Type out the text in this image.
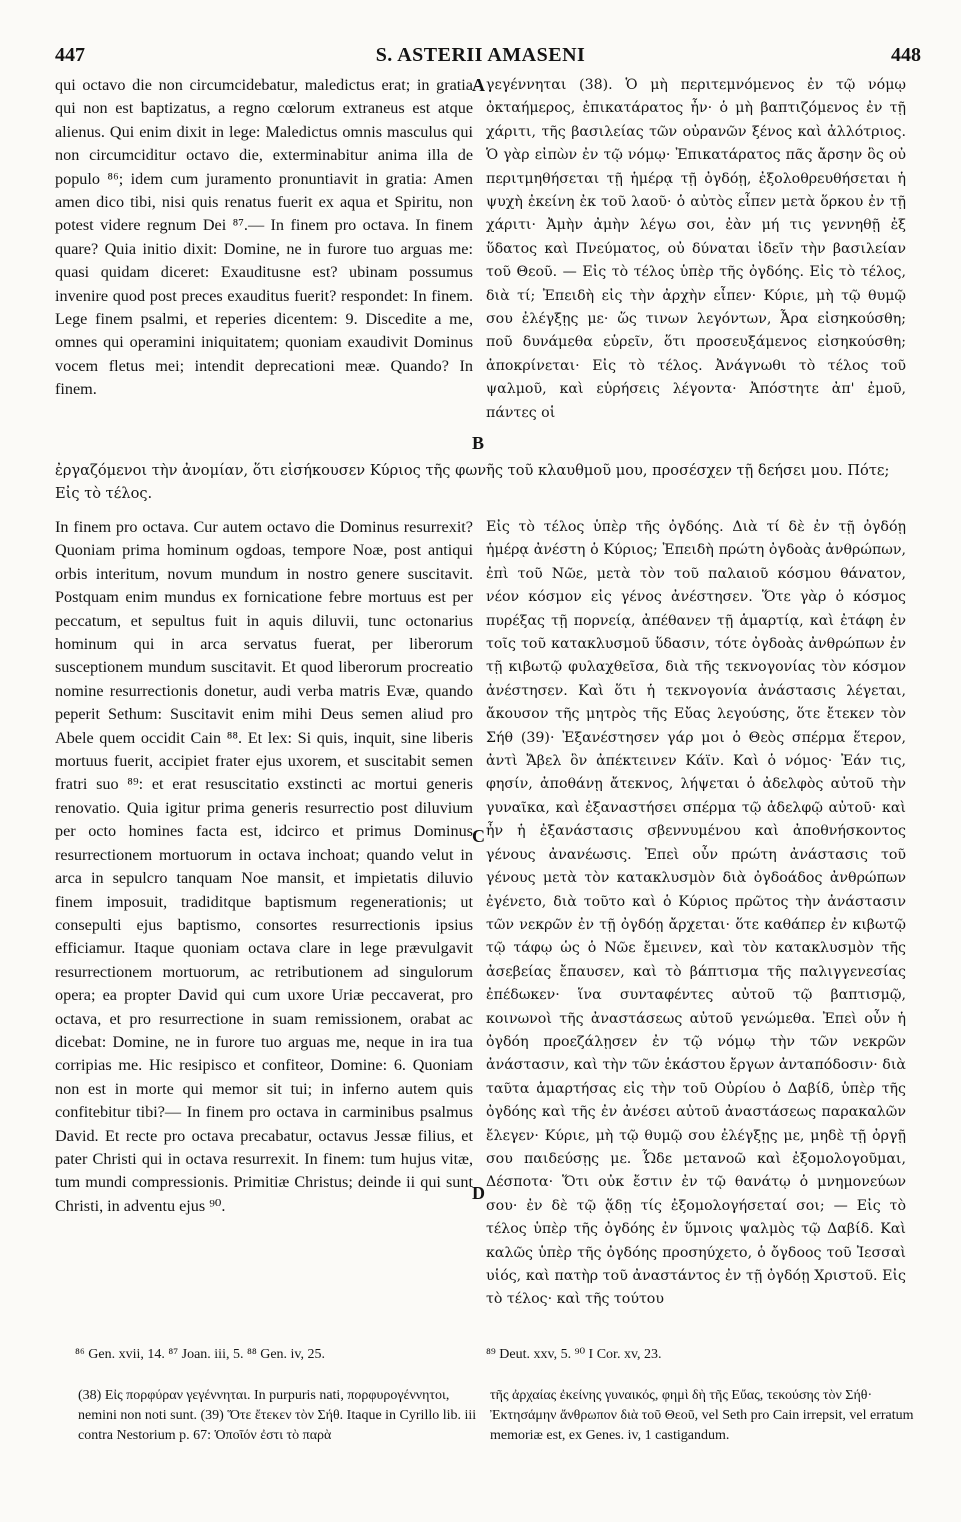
447	S. ASTERII AMASENI	448

qui octavo die non circumcidebatur, maledictus erat; in gratia qui non est baptizatus, a regno cœlorum extraneus est atque alienus. Qui enim dixit in lege: Maledictus omnis masculus qui non circumciditur octavo die, exterminabitur anima illa de populo ⁸⁶; idem cum juramento pronuntiavit in gratia: Amen amen dico tibi, nisi quis renatus fuerit ex aqua et Spiritu, non potest videre regnum Dei ⁸⁷.— In finem pro octava. In finem quare? Quia initio dixit: Domine, ne in furore tuo arguas me: quasi quidam diceret: Exauditusne est? ubinam possumus invenire quod post preces exauditus fuerit? respondet: In finem. Lege finem psalmi, et reperies dicentem: 9. Discedite a me, omnes qui operamini iniquitatem; quoniam exaudivit Dominus vocem fletus mei; intendit deprecationi meæ. Quando? In finem.

γεγέννηται (38). Ὁ μὴ περιτεμνόμενος ἐν τῷ νόμῳ ὀκταήμερος, ἐπικατάρατος ἦν· ὁ μὴ βαπτιζόμενος ἐν τῇ χάριτι, τῆς βασιλείας τῶν οὐρανῶν ξένος καὶ ἀλλότριος. Ὁ γὰρ εἰπὼν ἐν τῷ νόμῳ· Ἐπικατάρατος πᾶς ἄρσην ὃς οὐ περιτμηθήσεται τῇ ἡμέρᾳ τῇ ὀγδόῃ, ἐξολοθρευθήσεται ἡ ψυχὴ ἐκείνη ἐκ τοῦ λαοῦ· ὁ αὐτὸς εἶπεν μετὰ ὅρκου ἐν τῇ χάριτι· Ἀμὴν ἀμὴν λέγω σοι, ἐὰν μή τις γεννηθῇ ἐξ ὕδατος καὶ Πνεύματος, οὐ δύναται ἰδεῖν τὴν βασιλείαν τοῦ Θεοῦ. — Εἰς τὸ τέλος ὑπὲρ τῆς ὀγδόης. Εἰς τὸ τέλος, διὰ τί; Ἐπειδὴ εἰς τὴν ἀρχὴν εἶπεν· Κύριε, μὴ τῷ θυμῷ σου ἐλέγξῃς με· ὥς τινων λεγόντων, Ἆρα εἰσηκούσθη; ποῦ δυνάμεθα εὑρεῖν, ὅτι προσευξάμενος εἰσηκούσθη; ἀποκρίνεται· Εἰς τὸ τέλος. Ἀνάγνωθι τὸ τέλος τοῦ ψαλμοῦ, καὶ εὑρήσεις λέγοντα· Ἀπόστητε ἀπ' ἐμοῦ, πάντες οἱ

A
B
C
D
ἐργαζόμενοι τὴν ἀνομίαν, ὅτι εἰσήκουσεν Κύριος τῆς φωνῆς τοῦ κλαυθμοῦ μου, προσέσχεν τῇ δεήσει μου. Πότε; Εἰς τὸ τέλος.

In finem pro octava. Cur autem octavo die Dominus resurrexit? Quoniam prima hominum ogdoas, tempore Noæ, post antiqui orbis interitum, novum mundum in nostro genere suscitavit. Postquam enim mundus ex fornicatione febre mortuus est per peccatum, et sepultus fuit in aquis diluvii, tunc octonarius hominum qui in arca servatus fuerat, per liberorum susceptionem mundum suscitavit. Et quod liberorum procreatio nomine resurrectionis donetur, audi verba matris Evæ, quando peperit Sethum: Suscitavit enim mihi Deus semen aliud pro Abele quem occidit Cain ⁸⁸. Et lex: Si quis, inquit, sine liberis mortuus fuerit, accipiet frater ejus uxorem, et suscitabit semen fratri suo ⁸⁹: et erat resuscitatio exstincti ac mortui generis renovatio. Quia igitur prima generis resurrectio post diluvium per octo homines facta est, idcirco et primus Dominus resurrectionem mortuorum in octava inchoat; quando velut in arca in sepulcro tanquam Noe mansit, et impietatis diluvio finem imposuit, tradiditque baptismum regenerationis; ut consepulti ejus baptismo, consortes resurrectionis ipsius efficiamur. Itaque quoniam octava clare in lege prævulgavit resurrectionem mortuorum, ac retributionem ad singulorum opera; ea propter David qui cum uxore Uriæ peccaverat, pro octava, et pro resurrectione in suam remissionem, orabat ac dicebat: Domine, ne in furore tuo arguas me, neque in ira tua corripias me. Hic resipisco et confiteor, Domine: 6. Quoniam non est in morte qui memor sit tui; in inferno autem quis confitebitur tibi?— In finem pro octava in carminibus psalmus David. Et recte pro octava precabatur, octavus Jessæ filius, et pater Christi qui in octava resurrexit. In finem: tum hujus vitæ, tum mundi compressionis. Primitiæ Christus; deinde ii qui sunt Christi, in adventu ejus ⁹⁰.

Εἰς τὸ τέλος ὑπὲρ τῆς ὀγδόης. Διὰ τί δὲ ἐν τῇ ὀγδόῃ ἡμέρᾳ ἀνέστη ὁ Κύριος; Ἐπειδὴ πρώτη ὀγδοὰς ἀνθρώπων, ἐπὶ τοῦ Νῶε, μετὰ τὸν τοῦ παλαιοῦ κόσμου θάνατον, νέον κόσμον εἰς γένος ἀνέστησεν. Ὅτε γὰρ ὁ κόσμος πυρέξας τῇ πορνείᾳ, ἀπέθανεν τῇ ἁμαρτίᾳ, καὶ ἐτάφη ἐν τοῖς τοῦ κατακλυσμοῦ ὕδασιν, τότε ὀγδοὰς ἀνθρώπων ἐν τῇ κιβωτῷ φυλαχθεῖσα, διὰ τῆς τεκνογονίας τὸν κόσμον ἀνέστησεν. Καὶ ὅτι ἡ τεκνογονία ἀνάστασις λέγεται, ἄκουσον τῆς μητρὸς τῆς Εὔας λεγούσης, ὅτε ἔτεκεν τὸν Σήθ (39)· Ἐξανέστησεν γάρ μοι ὁ Θεὸς σπέρμα ἕτερον, ἀντὶ Ἄβελ ὃν ἀπέκτεινεν Κάϊν. Καὶ ὁ νόμος· Ἐάν τις, φησίν, ἀποθάνῃ ἄτεκνος, λήψεται ὁ ἀδελφὸς αὐτοῦ τὴν γυναῖκα, καὶ ἐξαναστήσει σπέρμα τῷ ἀδελφῷ αὐτοῦ· καὶ ἦν ἡ ἐξανάστασις σβεννυμένου καὶ ἀποθνήσκοντος γένους ἀνανέωσις. Ἐπεὶ οὖν πρώτη ἀνάστασις τοῦ γένους μετὰ τὸν κατακλυσμὸν διὰ ὀγδοάδος ἀνθρώπων ἐγένετο, διὰ τοῦτο καὶ ὁ Κύριος πρῶτος τὴν ἀνάστασιν τῶν νεκρῶν ἐν τῇ ὀγδόῃ ἄρχεται· ὅτε καθάπερ ἐν κιβωτῷ τῷ τάφῳ ὡς ὁ Νῶε ἔμεινεν, καὶ τὸν κατακλυσμὸν τῆς ἀσεβείας ἔπαυσεν, καὶ τὸ βάπτισμα τῆς παλιγγενεσίας ἐπέδωκεν· ἵνα συνταφέντες αὐτοῦ τῷ βαπτισμῷ, κοινωνοὶ τῆς ἀναστάσεως αὐτοῦ γενώμεθα. Ἐπεὶ οὖν ἡ ὀγδόη προεζάλῃσεν ἐν τῷ νόμῳ τὴν τῶν νεκρῶν ἀνάστασιν, καὶ τὴν τῶν ἑκάστου ἔργων ἀνταπόδοσιν· διὰ ταῦτα ἁμαρτήσας εἰς τὴν τοῦ Οὐρίου ὁ Δαβίδ, ὑπὲρ τῆς ὀγδόης καὶ τῆς ἐν ἀνέσει αὐτοῦ ἀναστάσεως παρακαλῶν ἔλεγεν· Κύριε, μὴ τῷ θυμῷ σου ἐλέγξῃς με, μηδὲ τῇ ὀργῇ σου παιδεύσῃς με. Ὧδε μετανοῶ καὶ ἐξομολογοῦμαι, Δέσποτα· Ὅτι οὐκ ἔστιν ἐν τῷ θανάτῳ ὁ μνημονεύων σου· ἐν δὲ τῷ ᾅδῃ τίς ἐξομολογήσεταί σοι; — Εἰς τὸ τέλος ὑπὲρ τῆς ὀγδόης ἐν ὕμνοις ψαλμὸς τῷ Δαβίδ. Καὶ καλῶς ὑπὲρ τῆς ὀγδόης προσηύχετο, ὁ ὄγδοος τοῦ Ἰεσσαὶ υἱός, καὶ πατὴρ τοῦ ἀναστάντος ἐν τῇ ὀγδόῃ Χριστοῦ. Εἰς τὸ τέλος· καὶ τῆς τούτου

⁸⁶ Gen. xvii, 14. ⁸⁷ Joan. iii, 5. ⁸⁸ Gen. iv, 25.	⁸⁹ Deut. xxv, 5. ⁹⁰ I Cor. xv, 23.

(38) Εἰς πορφύραν γεγέννηται. In purpuris nati, πορφυρογέννητοι, nemini non noti sunt. (39) Ὅτε ἔτεκεν τὸν Σήθ. Itaque in Cyrillo lib. iii contra Nestorium p. 67: Ὁποῖόν ἐστι τὸ παρὰ

τῆς ἀρχαίας ἐκείνης γυναικός, φημὶ δὴ τῆς Εὔας, τεκούσης τὸν Σήθ· Ἐκτησάμην ἄνθρωπον διὰ τοῦ Θεοῦ, vel Seth pro Cain irrepsit, vel erratum memoriæ est, ex Genes. iv, 1 castigandum.
